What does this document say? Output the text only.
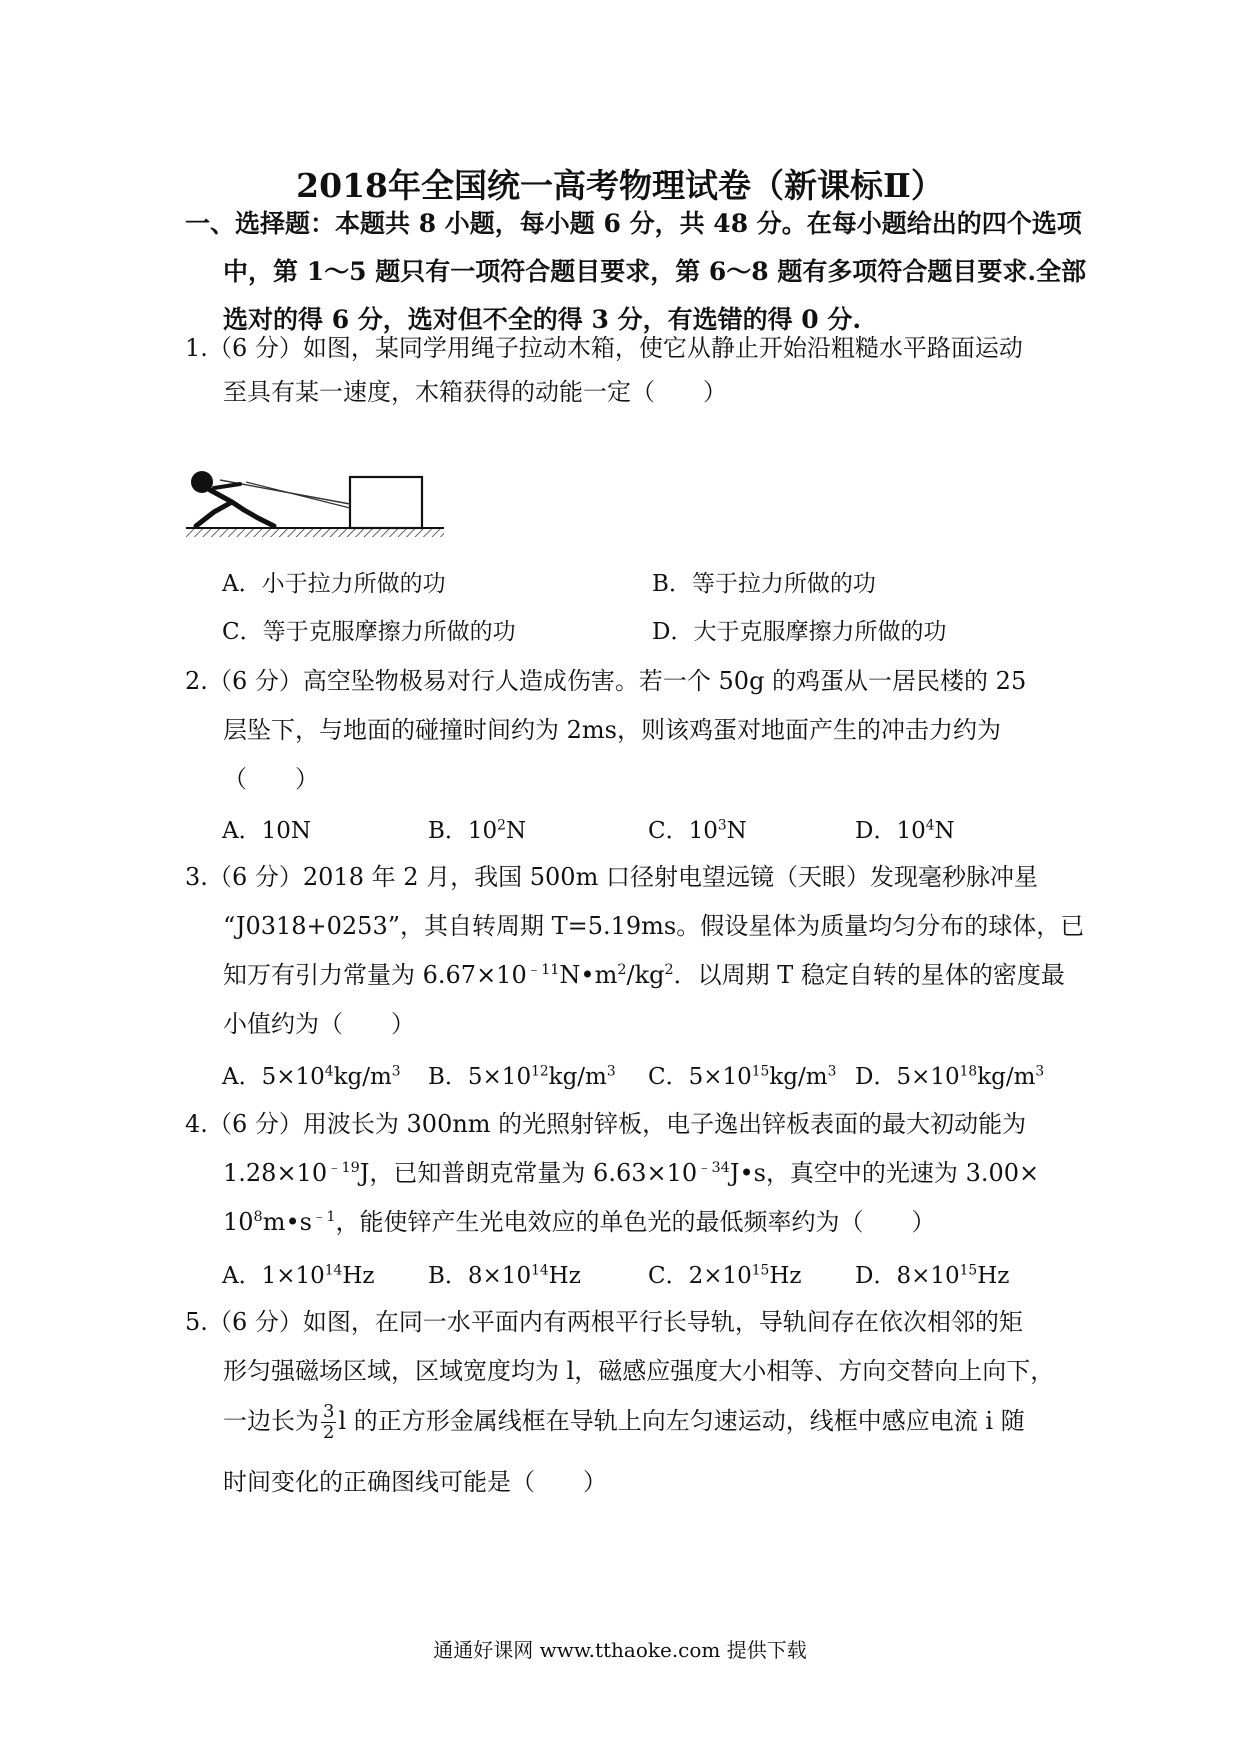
2018年全国统一高考物理试卷（新课标Ⅱ）
一、选择题：本题共 8 小题，每小题 6 分，共 48 分。在每小题给出的四个选项
中，第 1～5 题只有一项符合题目要求，第 6～8 题有多项符合题目要求.全部
选对的得 6 分，选对但不全的得 3 分，有选错的得 0 分.
1. （6 分）如图，某同学用绳子拉动木箱，使它从静止开始沿粗糙水平路面运动
至具有某一速度，木箱获得的动能一定（　　）
A．小于拉力所做的功	B．等于拉力所做的功
C．等于克服摩擦力所做的功	D．大于克服摩擦力所做的功
2. （6 分）高空坠物极易对行人造成伤害。若一个 50g 的鸡蛋从一居民楼的 25
层坠下，与地面的碰撞时间约为 2ms，则该鸡蛋对地面产生的冲击力约为
（　　）
A．10N	B．$10^2N$	C．$10^3N$	D．$10^4N$
3. （6 分）2018 年 2 月，我国 500m 口径射电望远镜（天眼）发现毫秒脉冲星
“J0318+0253”，其自转周期 T=5.19ms。假设星体为质量均匀分布的球体，已
知万有引力常量为 $6.67\times 10^{﹣11}N•m^2/kg^2$．以周期 T 稳定自转的星体的密度最
小值约为（　　）
A．$5\times 10^4kg/m^3$ B．$5\times 10^{12}kg/m^3$ C．$5\times 10^{15}kg/m^3$ D．$5\times 10^{18}kg/m^3$
4. （6 分）用波长为 300nm 的光照射锌板，电子逸出锌板表面的最大初动能为
$1.28\times 10^{﹣19}J$，已知普朗克常量为 $6.63\times 10^{﹣34}J•s$，真空中的光速为 3.00×
$10^8m•s^{﹣1}$，能使锌产生光电效应的单色光的最低频率约为（　　）
A．$1\times 10^{14}Hz$ B．$8\times 10^{14}Hz$	C．$2\times 10^{15}Hz$ D．$8\times 10^{15}Hz$
5. （6 分）如图，在同一水平面内有两根平行长导轨，导轨间存在依次相邻的矩
形匀强磁场区域，区域宽度均为 l，磁感应强度大小相等、方向交替向上向下，
一边长为 $\frac{3}{2}$ l 的正方形金属线框在导轨上向左匀速运动，线框中感应电流 i 随
时间变化的正确图线可能是（　　）
通通好课网 www.tthaoke.com 提供下载
